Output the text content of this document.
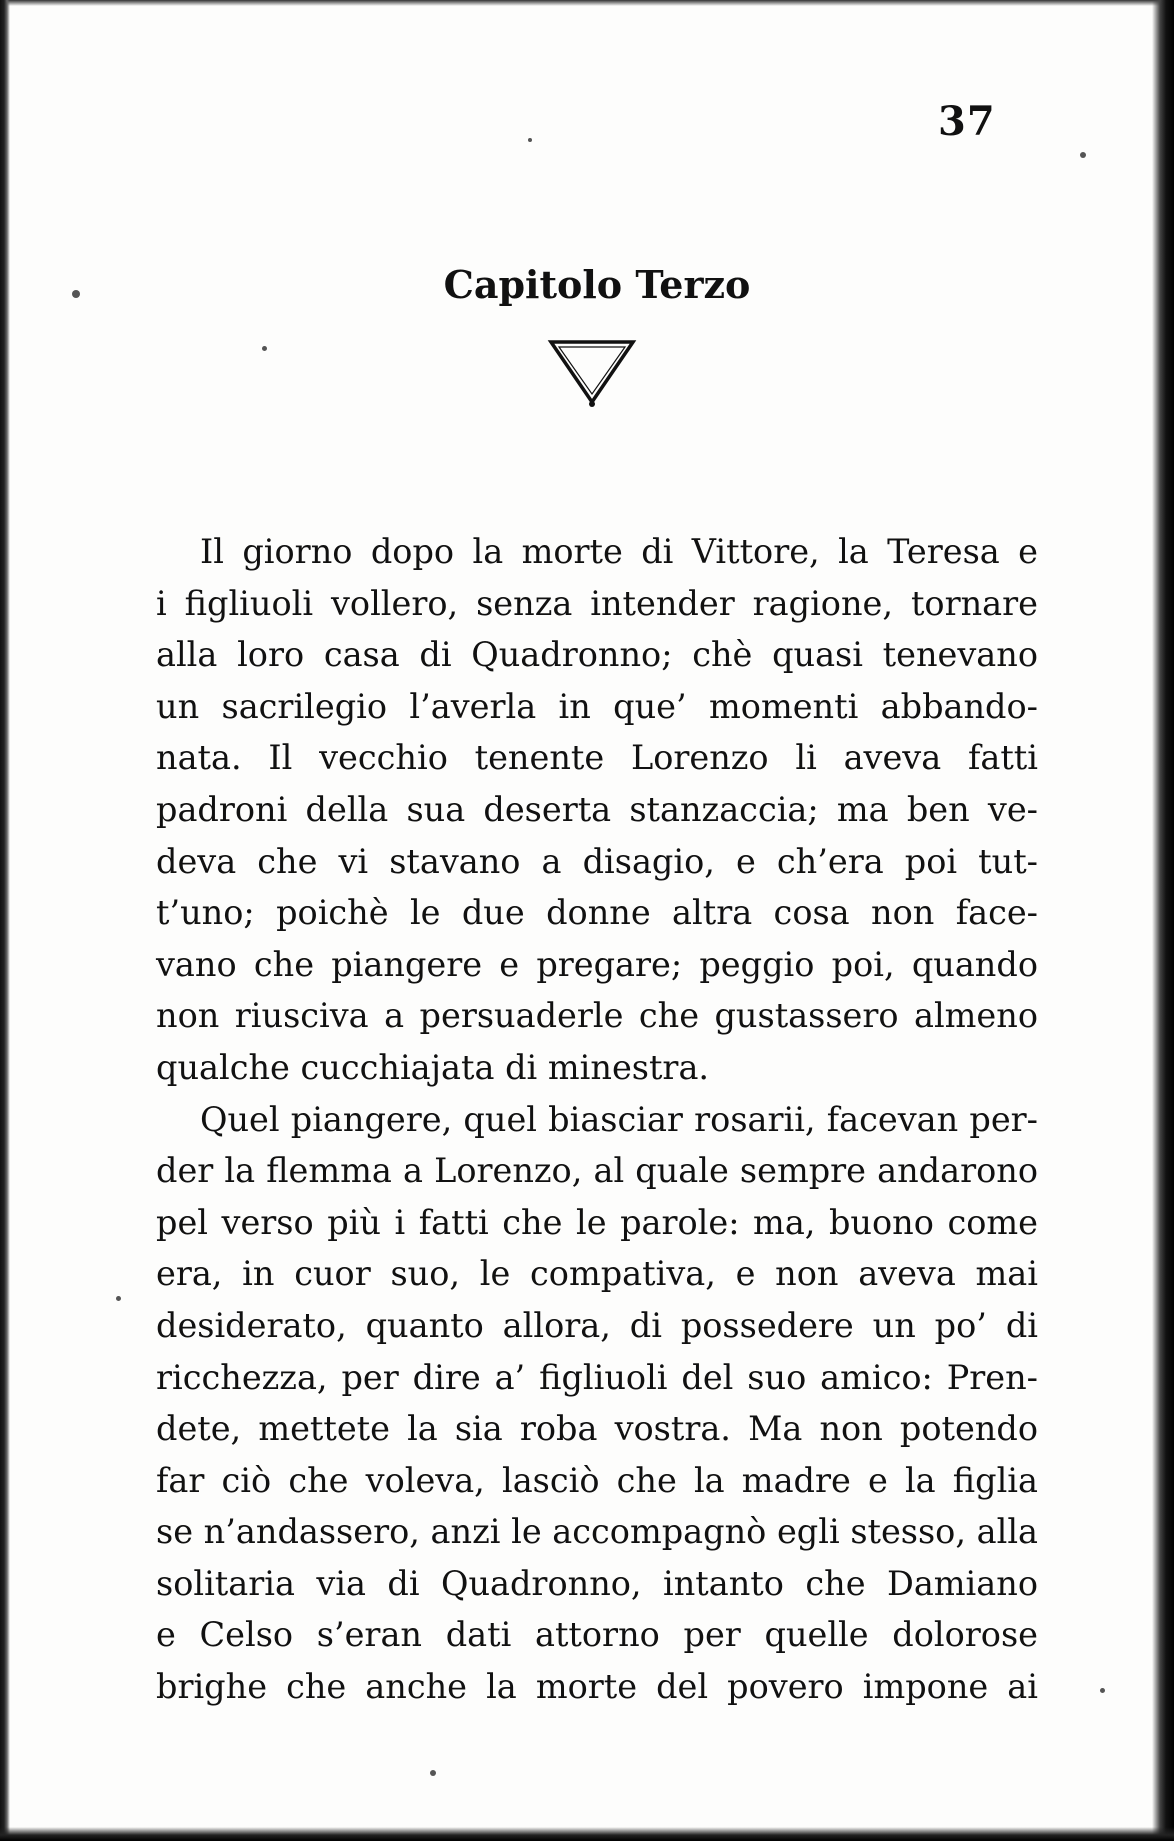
37
Capitolo Terzo
Il giorno dopo la morte di Vittore, la Teresa e
i figliuoli vollero, senza intender ragione, tornare
alla loro casa di Quadronno; chè quasi tenevano
un sacrilegio l’averla in que’ momenti abbando-
nata. Il vecchio tenente Lorenzo li aveva fatti
padroni della sua deserta stanzaccia; ma ben ve-
deva che vi stavano a disagio, e ch’era poi tut-
t’uno; poichè le due donne altra cosa non face-
vano che piangere e pregare; peggio poi, quando
non riusciva a persuaderle che gustassero almeno
qualche cucchiajata di minestra.
Quel piangere, quel biasciar rosarii, facevan per-
der la flemma a Lorenzo, al quale sempre andarono
pel verso più i fatti che le parole: ma, buono come
era, in cuor suo, le compativa, e non aveva mai
desiderato, quanto allora, di possedere un po’ di
ricchezza, per dire a’ figliuoli del suo amico: Pren-
dete, mettete la sia roba vostra. Ma non potendo
far ciò che voleva, lasciò che la madre e la figlia
se n’andassero, anzi le accompagnò egli stesso, alla
solitaria via di Quadronno, intanto che Damiano
e Celso s’eran dati attorno per quelle dolorose
brighe che anche la morte del povero impone ai
